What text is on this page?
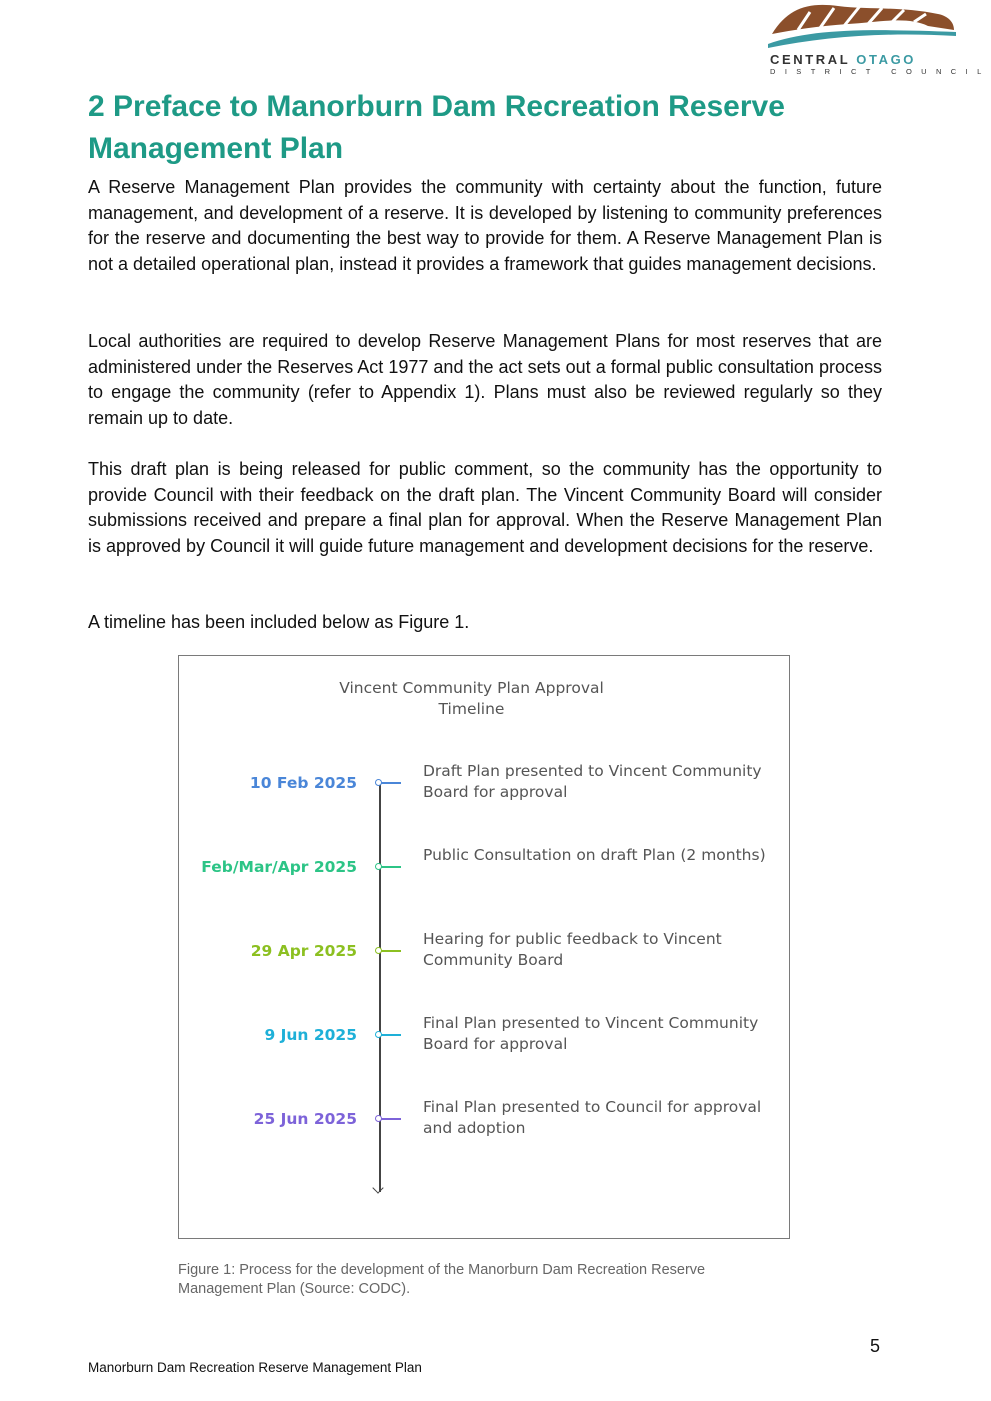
CENTRAL OTAGO
DISTRICT COUNCIL
2 Preface to Manorburn Dam Recreation Reserve Management Plan

A Reserve Management Plan provides the community with certainty about the function, future management, and development of a reserve. It is developed by listening to community preferences for the reserve and documenting the best way to provide for them. A Reserve Management Plan is not a detailed operational plan, instead it provides a framework that guides management decisions.

Local authorities are required to develop Reserve Management Plans for most reserves that are administered under the Reserves Act 1977 and the act sets out a formal public consultation process to engage the community (refer to Appendix 1). Plans must also be reviewed regularly so they remain up to date.

This draft plan is being released for public comment, so the community has the opportunity to provide Council with their feedback on the draft plan. The Vincent Community Board will consider submissions received and prepare a final plan for approval. When the Reserve Management Plan is approved by Council it will guide future management and development decisions for the reserve.

A timeline has been included below as Figure 1.

Vincent Community Plan Approval Timeline
10 Feb 2025
Draft Plan presented to Vincent Community Board for approval
Feb/Mar/Apr 2025
Public Consultation on draft Plan (2 months)
29 Apr 2025
Hearing for public feedback to Vincent Community Board
9 Jun 2025
Final Plan presented to Vincent Community Board for approval
25 Jun 2025
Final Plan presented to Council for approval and adoption
Figure 1: Process for the development of the Manorburn Dam Recreation Reserve Management Plan (Source: CODC).
5
Manorburn Dam Recreation Reserve Management Plan
